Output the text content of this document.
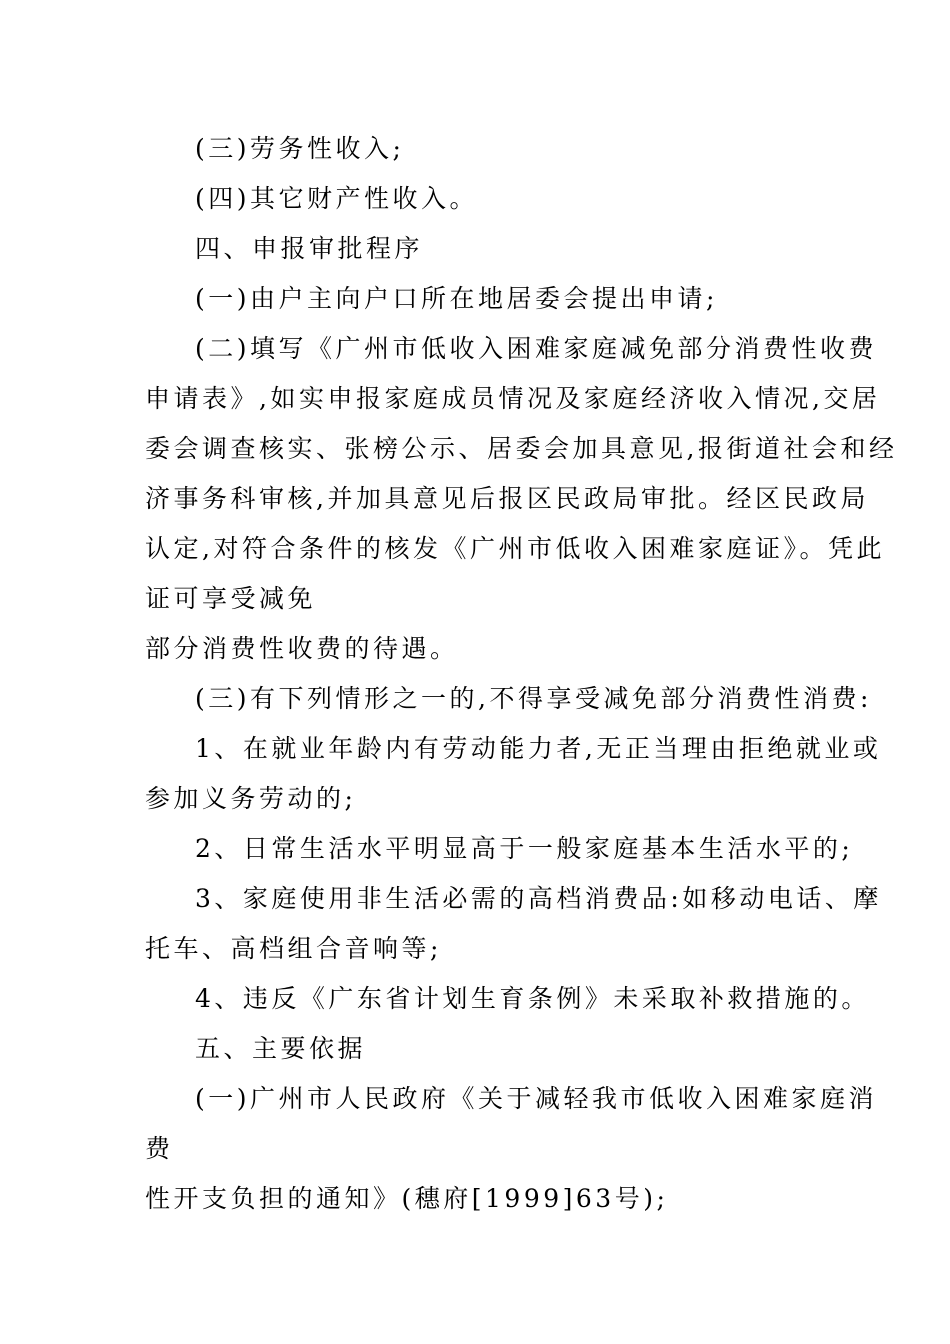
(三)劳务性收入;
(四)其它财产性收入。
四、申报审批程序
(一)由户主向户口所在地居委会提出申请;
(二)填写《广州市低收入困难家庭减免部分消费性收费
申请表》,如实申报家庭成员情况及家庭经济收入情况,交居
委会调查核实、张榜公示、居委会加具意见,报街道社会和经
济事务科审核,并加具意见后报区民政局审批。经区民政局
认定,对符合条件的核发《广州市低收入困难家庭证》。凭此
证可享受减免
部分消费性收费的待遇。
(三)有下列情形之一的,不得享受减免部分消费性消费:
1、在就业年龄内有劳动能力者,无正当理由拒绝就业或
参加义务劳动的;
2、日常生活水平明显高于一般家庭基本生活水平的;
3、家庭使用非生活必需的高档消费品:如移动电话、摩
托车、高档组合音响等;
4、违反《广东省计划生育条例》未采取补救措施的。
五、主要依据
(一)广州市人民政府《关于减轻我市低收入困难家庭消
费
性开支负担的通知》(穗府[1999]63号);
